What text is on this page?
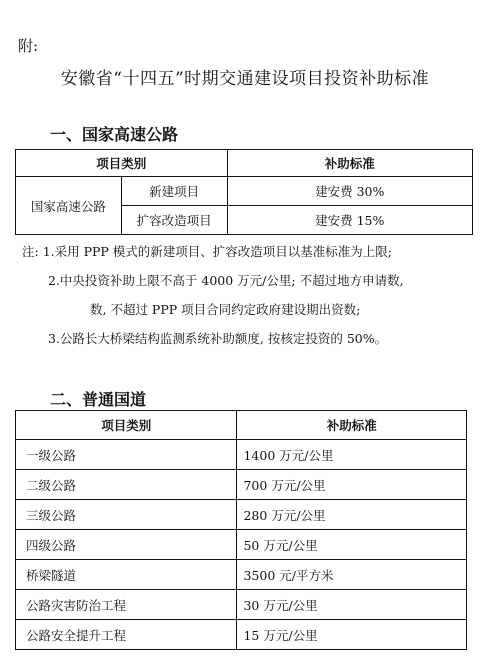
附:
安徽省“十四五”时期交通建设项目投资补助标准
一、国家高速公路
项目类别		补助标准
国家高速公路	新建项目	建安费 30%
	扩容改造项目	建安费 15%
注: 1.采用 PPP 模式的新建项目、扩容改造项目以基准标准为上限;
2.中央投资补助上限不高于 4000 万元/公里; 不超过地方申请数,
数, 不超过 PPP 项目合同约定政府建设期出资数;
3.公路长大桥梁结构监测系统补助额度, 按核定投资的 50%。
二、普通国道
项目类别	补助标准
一级公路	1400 万元/公里
二级公路	700 万元/公里
三级公路	280 万元/公里
四级公路	50 万元/公里
桥梁隧道	3500 元/平方米
公路灾害防治工程	30 万元/公里
公路安全提升工程	15 万元/公里
